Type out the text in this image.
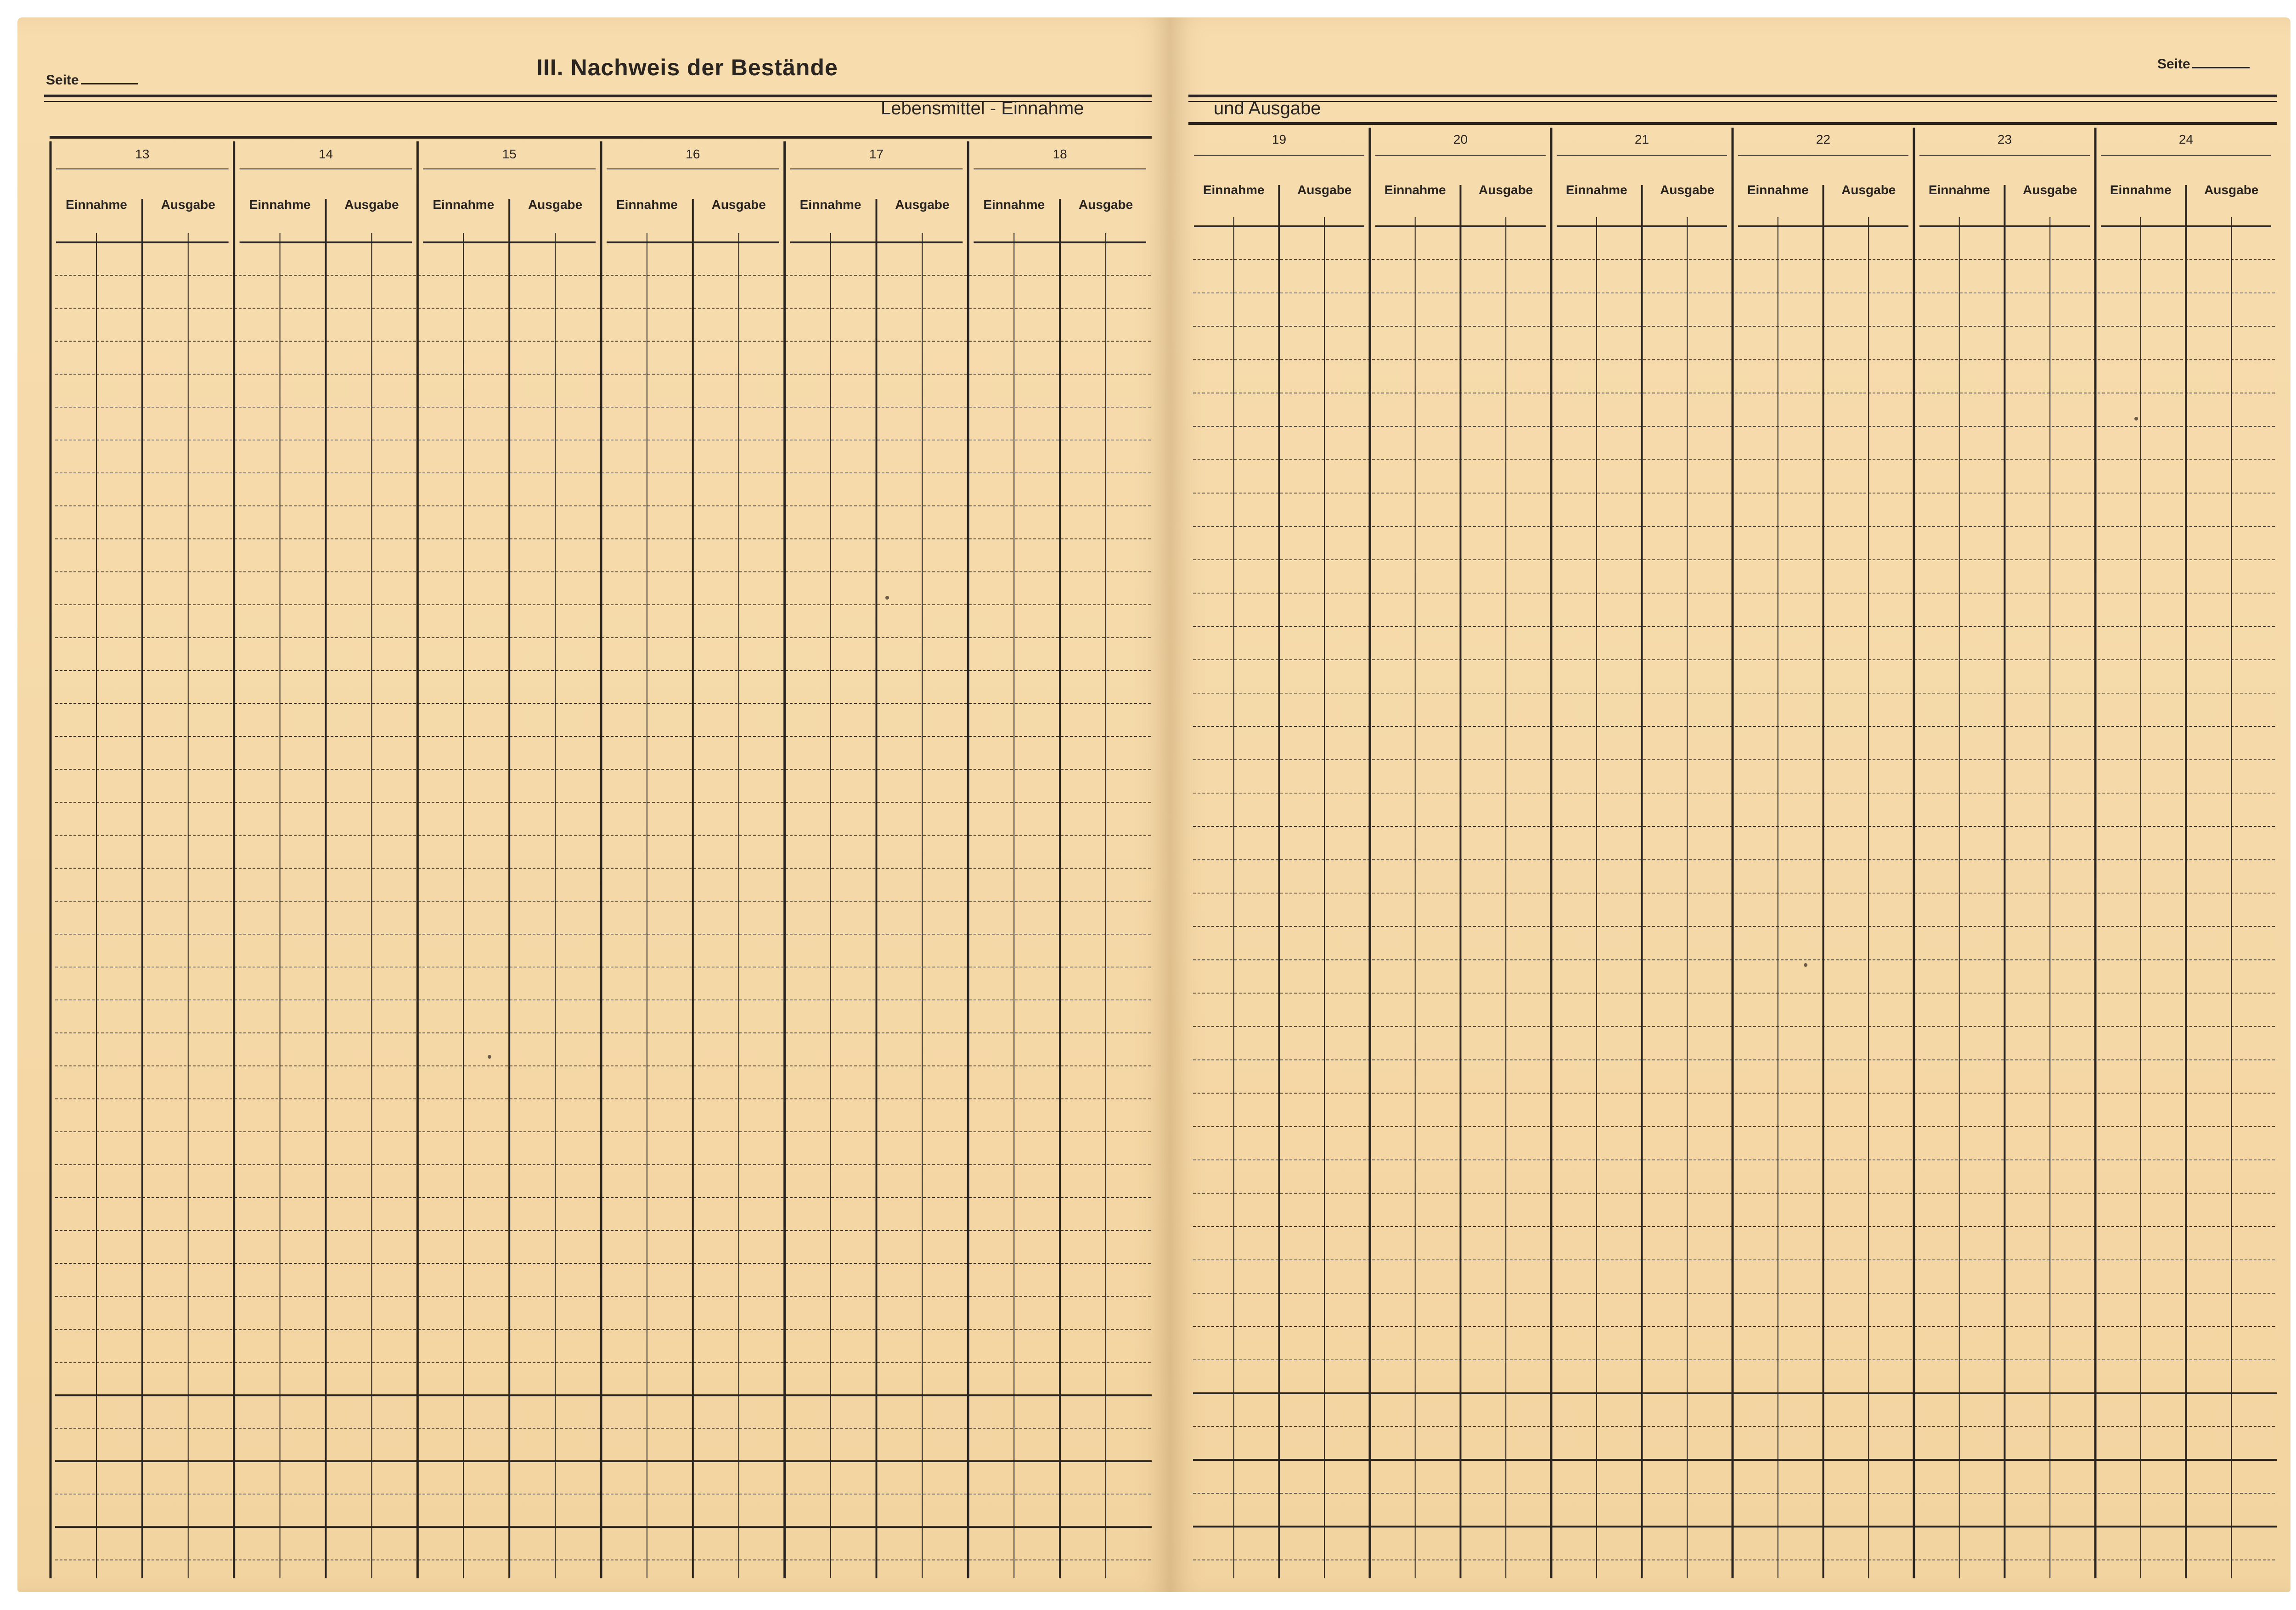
Seite	III. Nachweis der Bestände
Lebensmittel - Einnahme
13
Einnahme	Ausgabe
14
Einnahme	Ausgabe
15
Einnahme	Ausgabe
16
Einnahme	Ausgabe
17
Einnahme	Ausgabe
18
Einnahme	Ausgabe
Seite
und Ausgabe
19
Einnahme	Ausgabe
20
Einnahme	Ausgabe
21
Einnahme	Ausgabe
22
Einnahme	Ausgabe
23
Einnahme	Ausgabe
24
Einnahme	Ausgabe
